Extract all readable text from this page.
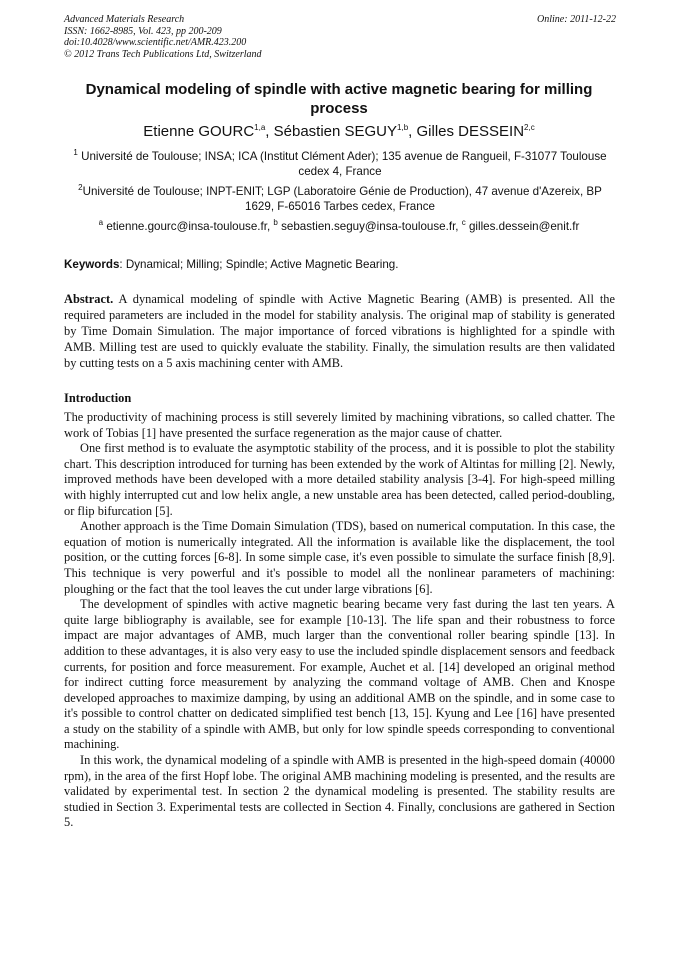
Advanced Materials Research
ISSN: 1662-8985, Vol. 423, pp 200-209
doi:10.4028/www.scientific.net/AMR.423.200
© 2012 Trans Tech Publications Ltd, Switzerland
Online: 2011-12-22
Dynamical modeling of spindle with active magnetic bearing for milling process
Etienne GOURC$^{1,a}$, Sébastien SEGUY$^{1,b}$, Gilles DESSEIN$^{2,c}$
$^1$ Université de Toulouse; INSA; ICA (Institut Clément Ader); 135 avenue de Rangueil, F-31077 Toulouse cedex 4, France
$^2$Université de Toulouse; INPT-ENIT; LGP (Laboratoire Génie de Production), 47 avenue d'Azereix, BP 1629, F-65016 Tarbes cedex, France
$^a$ etienne.gourc@insa-toulouse.fr, $^b$ sebastien.seguy@insa-toulouse.fr, $^c$ gilles.dessein@enit.fr
Keywords: Dynamical; Milling; Spindle; Active Magnetic Bearing.
Abstract. A dynamical modeling of spindle with Active Magnetic Bearing (AMB) is presented. All the required parameters are included in the model for stability analysis. The original map of stability is generated by Time Domain Simulation. The major importance of forced vibrations is highlighted for a spindle with AMB. Milling test are used to quickly evaluate the stability. Finally, the simulation results are then validated by cutting tests on a 5 axis machining center with AMB.
Introduction

The productivity of machining process is still severely limited by machining vibrations, so called chatter. The work of Tobias [1] have presented the surface regeneration as the major cause of chatter.

One first method is to evaluate the asymptotic stability of the process, and it is possible to plot the stability chart. This description introduced for turning has been extended by the work of Altintas for milling [2]. Newly, improved methods have been developed with a more detailed stability analysis [3-4]. For high-speed milling with highly interrupted cut and low helix angle, a new unstable area has been detected, called period-doubling, or flip bifurcation [5].

Another approach is the Time Domain Simulation (TDS), based on numerical computation. In this case, the equation of motion is numerically integrated. All the information is available like the displacement, the tool position, or the cutting forces [6-8]. In some simple case, it's even possible to simulate the surface finish [8,9]. This technique is very powerful and it's possible to model all the nonlinear parameters of machining: ploughing or the fact that the tool leaves the cut under large vibrations [6].

The development of spindles with active magnetic bearing became very fast during the last ten years. A quite large bibliography is available, see for example [10-13]. The life span and their robustness to force impact are major advantages of AMB, much larger than the conventional roller bearing spindle [13]. In addition to these advantages, it is also very easy to use the included spindle displacement sensors and feedback currents, for position and force measurement. For example, Auchet et al. [14] developed an original method for indirect cutting force measurement by analyzing the command voltage of AMB. Chen and Knospe developed approaches to maximize damping, by using an additional AMB on the spindle, and in some case to it's possible to control chatter on dedicated simplified test bench [13, 15]. Kyung and Lee [16] have presented a study on the stability of a spindle with AMB, but only for low spindle speeds corresponding to conventional machining.

In this work, the dynamical modeling of a spindle with AMB is presented in the high-speed domain (40000 rpm), in the area of the first Hopf lobe. The original AMB machining modeling is presented, and the results are validated by experimental test. In section 2 the dynamical modeling is presented. The stability results are studied in Section 3. Experimental tests are collected in Section 4. Finally, conclusions are gathered in Section 5.
